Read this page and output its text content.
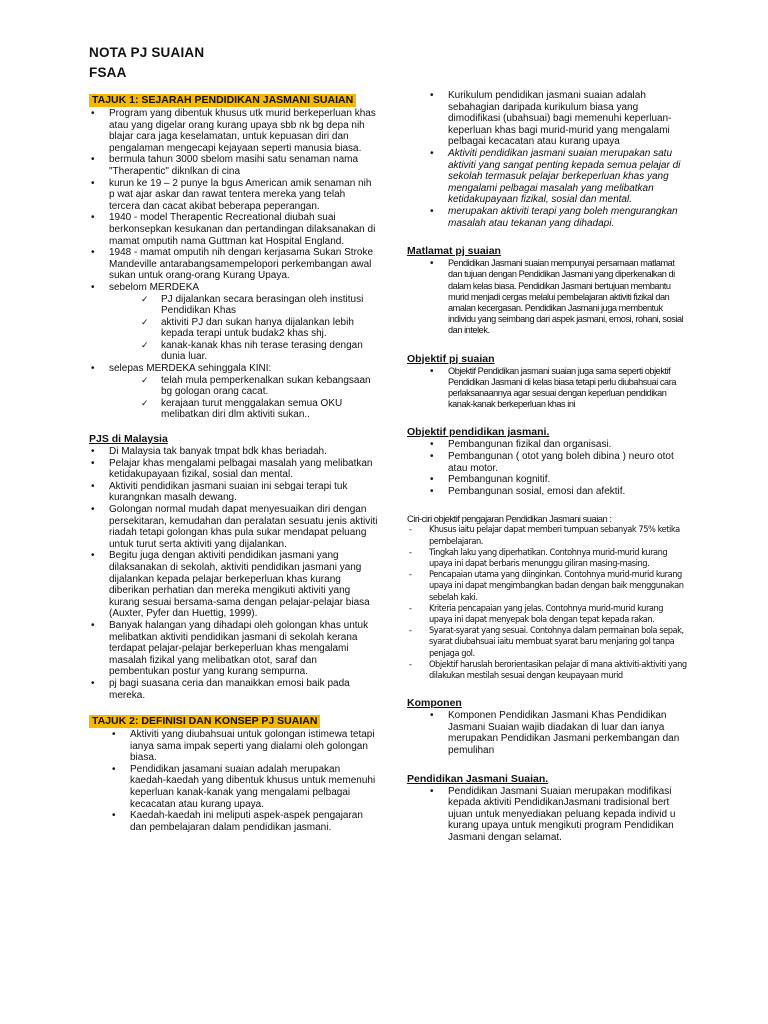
NOTA PJ SUAIAN
FSAA
TAJUK 1: SEJARAH PENDIDIKAN JASMANI SUAIAN
• Program yang dibentuk khusus utk murid berkeperluan khas atau yang digelar orang kurang upaya sbb nk bg depa nih blajar cara jaga keselamatan, untuk kepuasan diri dan pengalaman mengecapi kejayaan seperti manusia biasa.
• bermula tahun 3000 sbelom masihi satu senaman nama "Therapentic" diknlkan di cina
• kurun ke 19 – 2 punye la bgus American amik senaman nih p wat ajar askar dan rawat tentera mereka yang telah tercera dan cacat akibat beberapa peperangan.
• 1940 - model Therapentic Recreational diubah suai berkonsepkan kesukanan dan pertandingan dilaksanakan di mamat omputih nama Guttman kat Hospital England.
• 1948 - mamat omputih nih dengan kerjasama Sukan Stroke Mandeville antarabangsamempelopori perkembangan awal sukan untuk orang-orang Kurang Upaya.
• sebelom MERDEKA
✓ PJ dijalankan secara berasingan oleh institusi Pendidikan Khas
✓ aktiviti PJ dan sukan hanya dijalankan lebih kepada terapi untuk budak2 khas shj.
✓ kanak-kanak khas nih terase terasing dengan dunia luar.
• selepas MERDEKA sehinggala KINI:
✓ telah mula pemperkenalkan sukan kebangsaan bg gologan orang cacat.
✓ kerajaan turut menggalakan semua OKU melibatkan diri dlm aktiviti sukan..
PJS di Malaysia
• Di Malaysia tak banyak tmpat bdk khas beriadah.
• Pelajar khas mengalami pelbagai masalah yang melibatkan ketidakupayaan fizikal, sosial dan mental.
• Aktiviti pendidikan jasmani suaian ini sebgai terapi tuk kurangnkan masalh dewang.
• Golongan normal mudah dapat menyesuaikan diri dengan persekitaran, kemudahan dan peralatan sesuatu jenis aktiviti riadah tetapi golongan khas pula sukar mendapat peluang untuk turut serta aktiviti yang dijalankan.
• Begitu juga dengan aktiviti pendidikan jasmani yang dilaksanakan di sekolah, aktiviti pendidikan jasmani yang dijalankan kepada pelajar berkeperluan khas kurang diberikan perhatian dan mereka mengikuti aktiviti yang kurang sesuai bersama-sama dengan pelajar-pelajar biasa (Auxter, Pyfer dan Huettig, 1999).
• Banyak halangan yang dihadapi oleh golongan khas untuk melibatkan aktiviti pendidikan jasmani di sekolah kerana terdapat pelajar-pelajar berkeperluan khas mengalami masalah fizikal yang melibatkan otot, saraf dan pembentukan postur yang kurang sempurna.
• pj bagi suasana ceria dan manaikkan emosi baik pada mereka.
TAJUK 2: DEFINISI DAN KONSEP PJ SUAIAN
• Aktiviti yang diubahsuai untuk golongan istimewa tetapi ianya sama impak seperti yang dialami oleh golongan biasa.
• Pendidikan jasamani suaian adalah merupakan kaedah-kaedah yang dibentuk khusus untuk memenuhi keperluan kanak-kanak yang mengalami pelbagai kecacatan atau kurang upaya.
• Kaedah-kaedah ini meliputi aspek-aspek pengajaran dan pembelajaran dalam pendidikan jasmani.
• Kurikulum pendidikan jasmani suaian adalah sebahagian daripada kurikulum biasa yang dimodifikasi (ubahsuai) bagi memenuhi keperluan-keperluan khas bagi murid-murid yang mengalami pelbagai kecacatan atau kurang upaya
• Aktiviti pendidikan jasmani suaian merupakan satu aktiviti yang sangat penting kepada semua pelajar di sekolah termasuk pelajar berkeperluan khas yang mengalami pelbagai masalah yang melibatkan ketidakupayaan fizikal, sosial dan mental.
• merupakan aktiviti terapi yang boleh mengurangkan masalah atau tekanan yang dihadapi.
Matlamat pj suaian
• Pendidikan Jasmani suaian mempunyai persamaan matlamat dan tujuan dengan Pendidikan Jasmani yang diperkenalkan di dalam kelas biasa. Pendidikan Jasmani bertujuan membantu murid menjadi cergas melalui pembelajaran aktiviti fizikal dan amalan kecergasan. Pendidikan Jasmani juga membentuk individu yang seimbang dari aspek jasmani, emosi, rohani, sosial dan intelek.
Objektif pj suaian
• Objektif Pendidikan jasmani suaian juga sama seperti objektif Pendidikan Jasmani di kelas biasa tetapi perlu diubahsuai cara perlaksanaannya agar sesuai dengan keperluan pendidikan kanak-kanak berkeperluan khas ini
Objektif pendidikan jasmani.
• Pembangunan fizikal dan organisasi.
• Pembangunan ( otot yang boleh dibina ) neuro otot atau motor.
• Pembangunan kognitif.
• Pembangunan sosial, emosi dan afektif.
Ciri-ciri objektif pengajaran Pendidikan Jasmani suaian :
- Khusus iaitu pelajar dapat memberi tumpuan sebanyak 75% ketika pembelajaran.
- Tingkah laku yang diperhatikan. Contohnya murid-murid kurang upaya ini dapat berbaris menunggu giliran masing-masing.
- Pencapaian utama yang diinginkan. Contohnya murid-murid kurang upaya ini dapat mengimbangkan badan dengan baik menggunakan sebelah kaki.
- Kriteria pencapaian yang jelas. Contohnya murid-murid kurang upaya ini dapat menyepak bola dengan tepat kepada rakan.
- Syarat-syarat yang sesuai. Contohnya dalam permainan bola sepak, syarat diubahsuai iaitu membuat syarat baru menjaring gol tanpa penjaga gol.
- Objektif haruslah berorientasikan pelajar di mana aktiviti-aktiviti yang dilakukan mestilah sesuai dengan keupayaan murid
Komponen
• Komponen Pendidikan Jasmani Khas Pendidikan Jasmani Suaian wajib diadakan di luar dan ianya merupakan Pendidikan Jasmani perkembangan dan pemulihan
Pendidikan Jasmani Suaian.
• Pendidikan Jasmani Suaian merupakan modifikasi kepada aktiviti PendidikanJasmani tradisional bert ujuan untuk menyediakan peluang kepada individ u kurang upaya untuk mengikuti program Pendidikan Jasmani dengan selamat.
